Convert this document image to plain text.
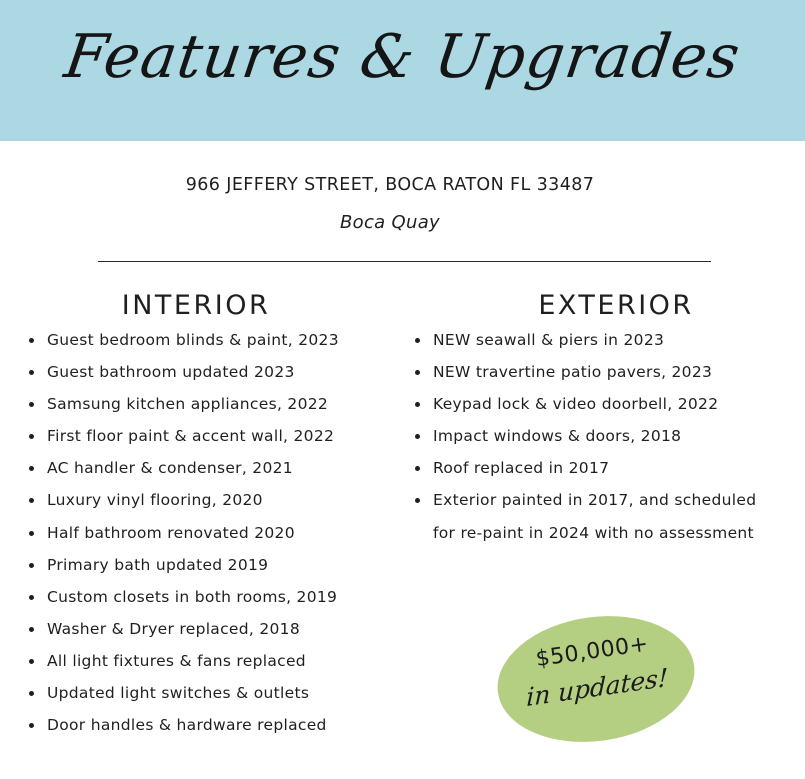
Features & Upgrades
966 JEFFERY STREET, BOCA RATON FL 33487
Boca Quay
INTERIOR	EXTERIOR
Guest bedroom blinds & paint, 2023
Guest bathroom updated 2023
Samsung kitchen appliances, 2022
First floor paint & accent wall, 2022
AC handler & condenser, 2021
Luxury vinyl flooring, 2020
Half bathroom renovated 2020
Primary bath updated 2019
Custom closets in both rooms, 2019
Washer & Dryer replaced, 2018
All light fixtures & fans replaced
Updated light switches & outlets
Door handles & hardware replaced
NEW seawall & piers in 2023
NEW travertine patio pavers, 2023
Keypad lock & video doorbell, 2022
Impact windows & doors, 2018
Roof replaced in 2017
Exterior painted in 2017, and scheduled
for re-paint in 2024 with no assessment
$50,000+
in updates!
